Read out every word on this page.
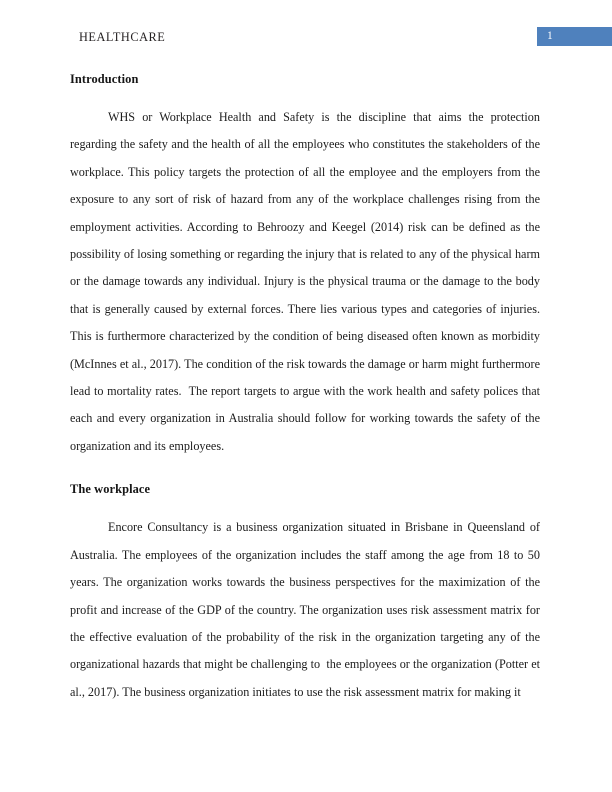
HEALTHCARE	1
Introduction

WHS or Workplace Health and Safety is the discipline that aims the protection regarding the safety and the health of all the employees who constitutes the stakeholders of the workplace. This policy targets the protection of all the employee and the employers from the exposure to any sort of risk of hazard from any of the workplace challenges rising from the employment activities. According to Behroozy and Keegel (2014) risk can be defined as the possibility of losing something or regarding the injury that is related to any of the physical harm or the damage towards any individual. Injury is the physical trauma or the damage to the body that is generally caused by external forces. There lies various types and categories of injuries. This is furthermore characterized by the condition of being diseased often known as morbidity (McInnes et al., 2017). The condition of the risk towards the damage or harm might furthermore lead to mortality rates.  The report targets to argue with the work health and safety polices that each and every organization in Australia should follow for working towards the safety of the organization and its employees.

The workplace

Encore Consultancy is a business organization situated in Brisbane in Queensland of Australia. The employees of the organization includes the staff among the age from 18 to 50 years. The organization works towards the business perspectives for the maximization of the profit and increase of the GDP of the country. The organization uses risk assessment matrix for the effective evaluation of the probability of the risk in the organization targeting any of the organizational hazards that might be challenging to  the employees or the organization (Potter et al., 2017). The business organization initiates to use the risk assessment matrix for making it
